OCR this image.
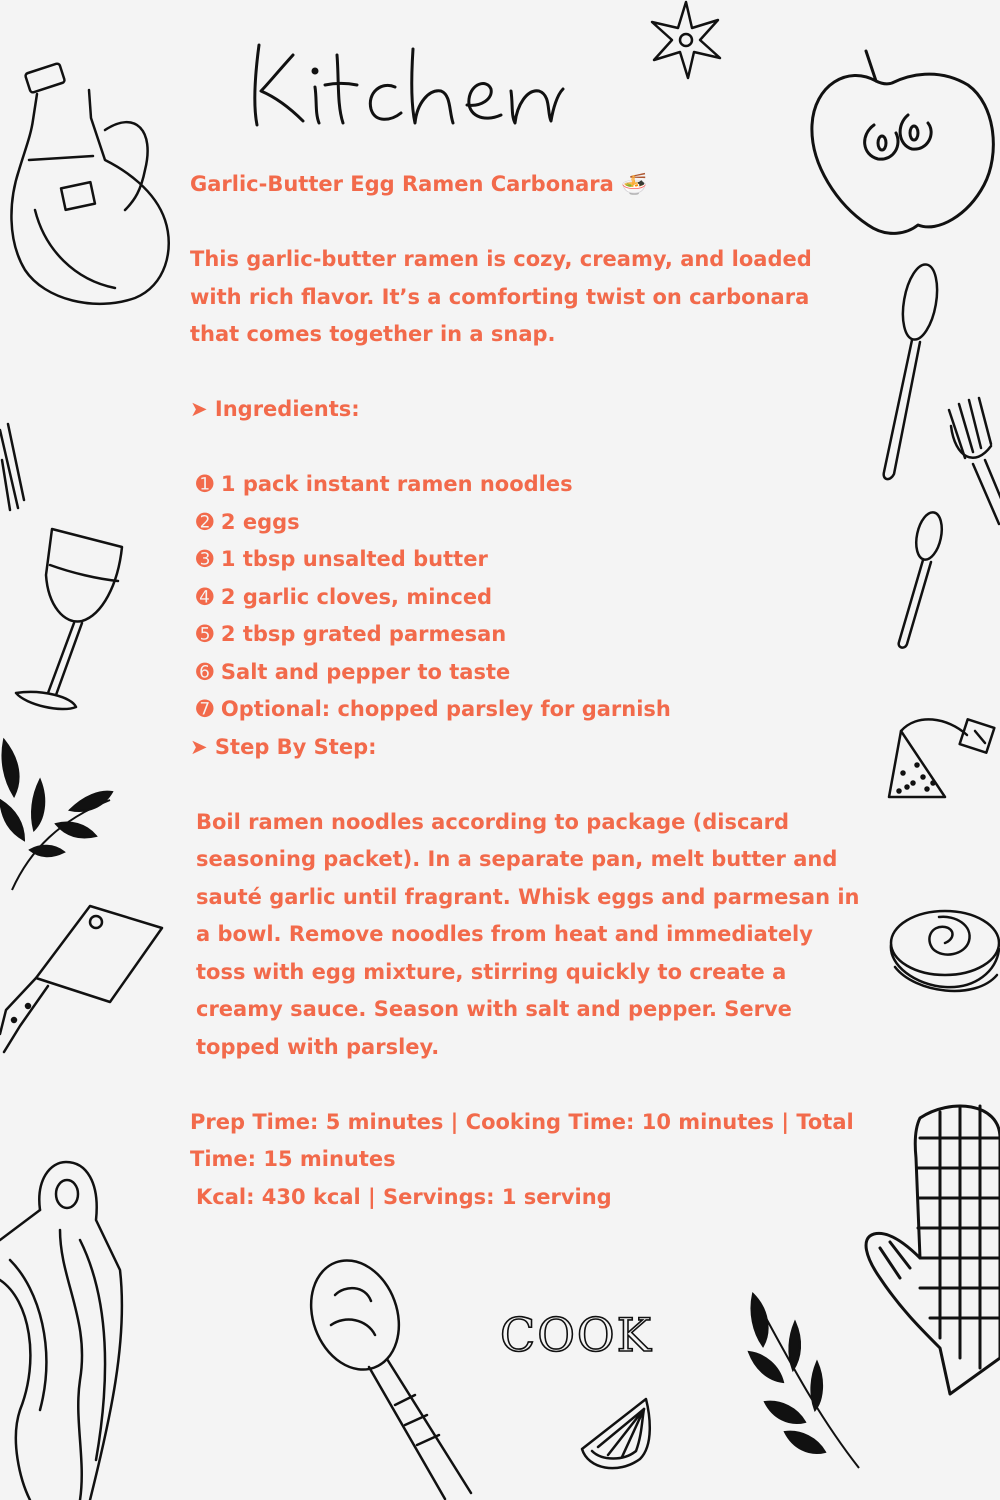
COOK

Garlic-Butter Egg Ramen Carbonara 🍜

This garlic-butter ramen is cozy, creamy, and loaded with rich flavor. It’s a comforting twist on carbonara that comes together in a snap.

➤ Ingredients:

➊ 1 pack instant ramen noodles

➋ 2 eggs

➌ 1 tbsp unsalted butter

➍ 2 garlic cloves, minced

➎ 2 tbsp grated parmesan

➏ Salt and pepper to taste

➐ Optional: chopped parsley for garnish

➤ Step By Step:

Boil ramen noodles according to package (discard seasoning packet). In a separate pan, melt butter and sauté garlic until fragrant. Whisk eggs and parmesan in a bowl. Remove noodles from heat and immediately toss with egg mixture, stirring quickly to create a creamy sauce. Season with salt and pepper. Serve topped with parsley.

Prep Time: 5 minutes | Cooking Time: 10 minutes | Total Time: 15 minutes

Kcal: 430 kcal | Servings: 1 serving
